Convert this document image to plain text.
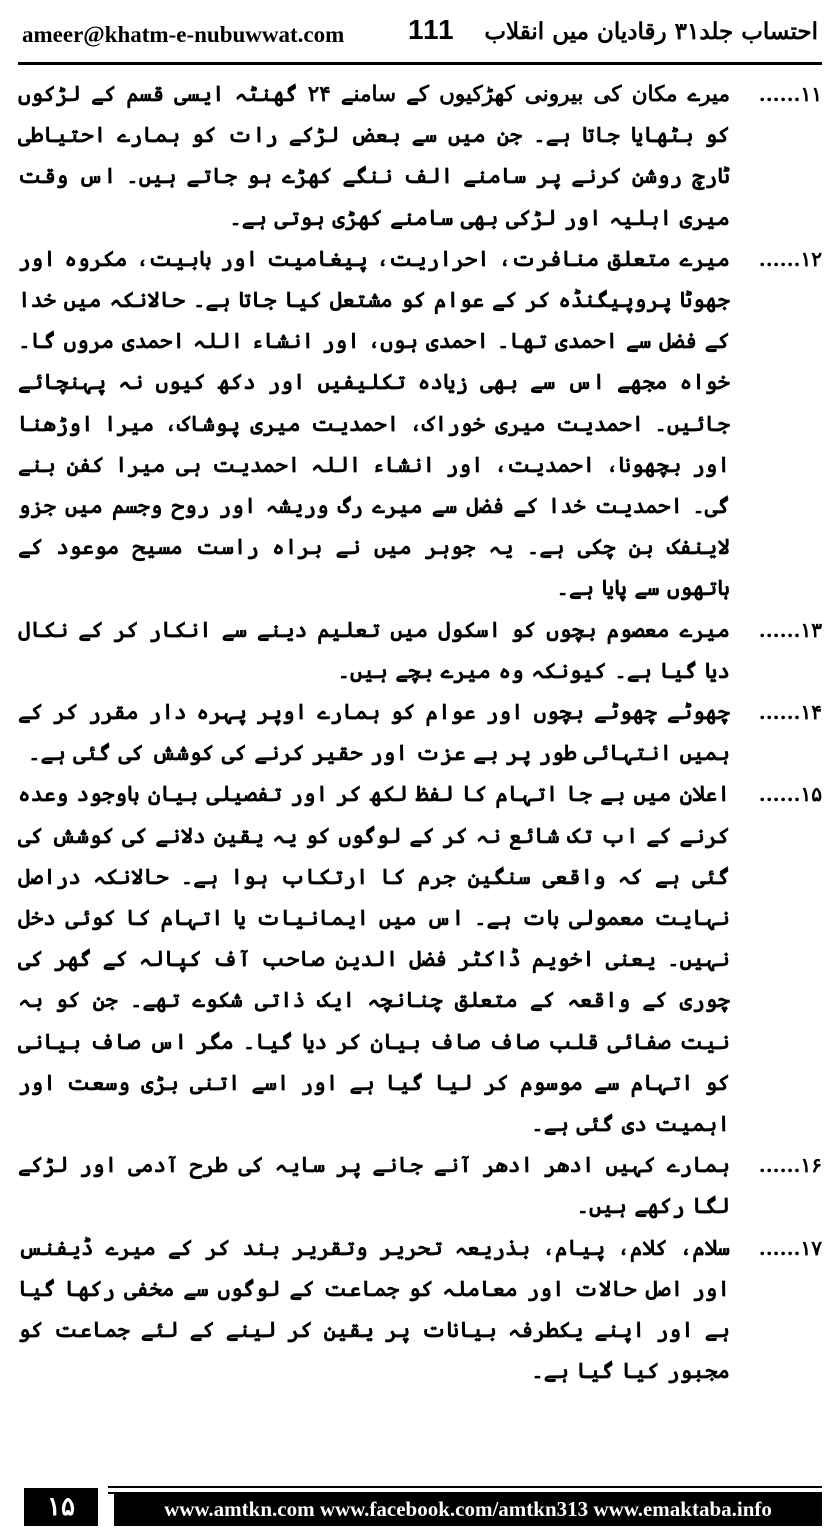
ameer@khatm-e-nubuwwat.com 111 احتساب جلد۳۱ رقادیان میں انقلاب
۱۱......
میرے مکان کی بیرونی کھڑکیوں کے سامنے ۲۴ گھنٹہ ایسی قسم کے لڑکوں کو بٹھایا جاتا ہے۔ جن میں سے بعض لڑکے رات کو ہمارے احتیاطی ٹارچ روشن کرنے پر سامنے الف ننگے کھڑے ہو جاتے ہیں۔ اس وقت میری اہلیہ اور لڑکی بھی سامنے کھڑی ہوتی ہے۔
۱۲......
میرے متعلق منافرت، احراریت، پیغامیت اور بابیت، مکروہ اور جھوٹا پروپیگنڈہ کر کے عوام کو مشتعل کیا جاتا ہے۔ حالانکہ میں خدا کے فضل سے احمدی تھا۔ احمدی ہوں، اور انشاء اللہ احمدی مروں گا۔ خواہ مجھے اس سے بھی زیادہ تکلیفیں اور دکھ کیوں نہ پہنچائے جائیں۔ احمدیت میری خوراک، احمدیت میری پوشاک، میرا اوڑھنا اور بچھونا، احمدیت، اور انشاء اللہ احمدیت ہی میرا کفن بنے گی۔ احمدیت خدا کے فضل سے میرے رگ وریشہ اور روح وجسم میں جزو لاینفک بن چکی ہے۔ یہ جوہر میں نے براہ راست مسیح موعود کے ہاتھوں سے پایا ہے۔
۱۳......
میرے معصوم بچوں کو اسکول میں تعلیم دینے سے انکار کر کے نکال دیا گیا ہے۔ کیونکہ وہ میرے بچے ہیں۔
۱۴......
چھوٹے چھوٹے بچوں اور عوام کو ہمارے اوپر پہرہ دار مقرر کر کے ہمیں انتہائی طور پر بے عزت اور حقیر کرنے کی کوشش کی گئی ہے۔
۱۵......
اعلان میں بے جا اتہام کا لفظ لکھ کر اور تفصیلی بیان باوجود وعدہ کرنے کے اب تک شائع نہ کر کے لوگوں کو یہ یقین دلانے کی کوشش کی گئی ہے کہ واقعی سنگین جرم کا ارتکاب ہوا ہے۔ حالانکہ دراصل نہایت معمولی بات ہے۔ اس میں ایمانیات یا اتہام کا کوئی دخل نہیں۔ یعنی اخویم ڈاکٹر فضل الدین صاحب آف کپالہ کے گھر کی چوری کے واقعہ کے متعلق چنانچہ ایک ذاتی شکوے تھے۔ جن کو بہ نیت صفائی قلب صاف صاف بیان کر دیا گیا۔ مگر اس صاف بیانی کو اتہام سے موسوم کر لیا گیا ہے اور اسے اتنی بڑی وسعت اور اہمیت دی گئی ہے۔
۱۶......
ہمارے کہیں ادھر ادھر آنے جانے پر سایہ کی طرح آدمی اور لڑکے لگا رکھے ہیں۔
۱۷......
سلام، کلام، پیام، بذریعہ تحریر وتقریر بند کر کے میرے ڈیفنس اور اصل حالات اور معاملہ کو جماعت کے لوگوں سے مخفی رکھا گیا ہے اور اپنے یکطرفہ بیانات پر یقین کر لینے کے لئے جماعت کو مجبور کیا گیا ہے۔
۱۵	www.amtkn.com www.facebook.com/amtkn313 www.emaktaba.info
